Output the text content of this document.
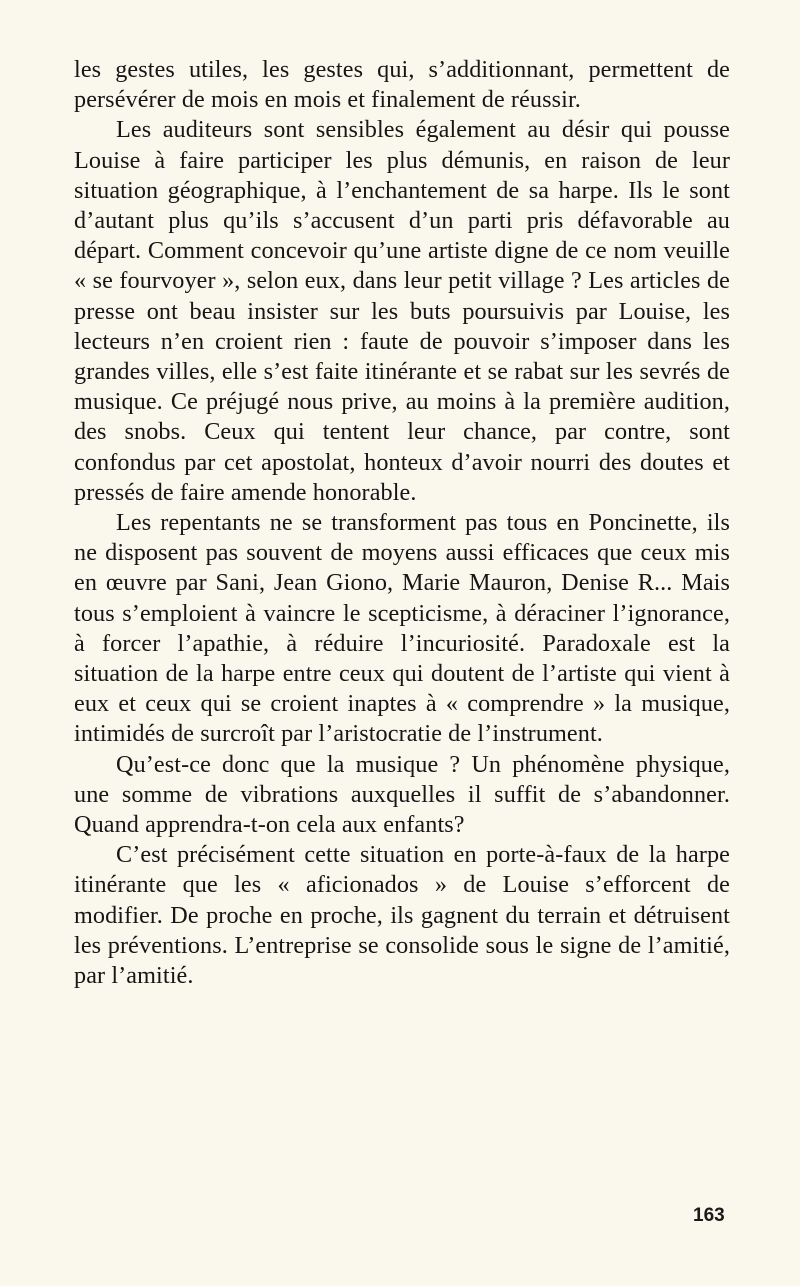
les gestes utiles, les gestes qui, s’additionnant, permettent de persévérer de mois en mois et finalement de réussir.

Les auditeurs sont sensibles également au désir qui pousse Louise à faire participer les plus démunis, en raison de leur situation géographique, à l’enchantement de sa harpe. Ils le sont d’autant plus qu’ils s’accusent d’un parti pris défavorable au départ. Comment concevoir qu’une artiste digne de ce nom veuille « se fourvoyer », selon eux, dans leur petit village ? Les articles de presse ont beau insister sur les buts poursuivis par Louise, les lecteurs n’en croient rien : faute de pouvoir s’imposer dans les grandes villes, elle s’est faite itinérante et se rabat sur les sevrés de musique. Ce préjugé nous prive, au moins à la première audition, des snobs. Ceux qui tentent leur chance, par contre, sont confondus par cet apostolat, honteux d’avoir nourri des doutes et pressés de faire amende honorable.

Les repentants ne se transforment pas tous en Poncinette, ils ne disposent pas souvent de moyens aussi efficaces que ceux mis en œuvre par Sani, Jean Giono, Marie Mauron, Denise R... Mais tous s’emploient à vaincre le scepticisme, à déraciner l’ignorance, à forcer l’apathie, à réduire l’incuriosité. Paradoxale est la situation de la harpe entre ceux qui doutent de l’artiste qui vient à eux et ceux qui se croient inaptes à « comprendre » la musique, intimidés de surcroît par l’aristocratie de l’instrument.

Qu’est-ce donc que la musique ? Un phénomène physique, une somme de vibrations auxquelles il suffit de s’abandonner. Quand apprendra-t-on cela aux enfants?

C’est précisément cette situation en porte-à-faux de la harpe itinérante que les « aficionados » de Louise s’efforcent de modifier. De proche en proche, ils gagnent du terrain et détruisent les préventions. L’entreprise se consolide sous le signe de l’amitié, par l’amitié.

163
